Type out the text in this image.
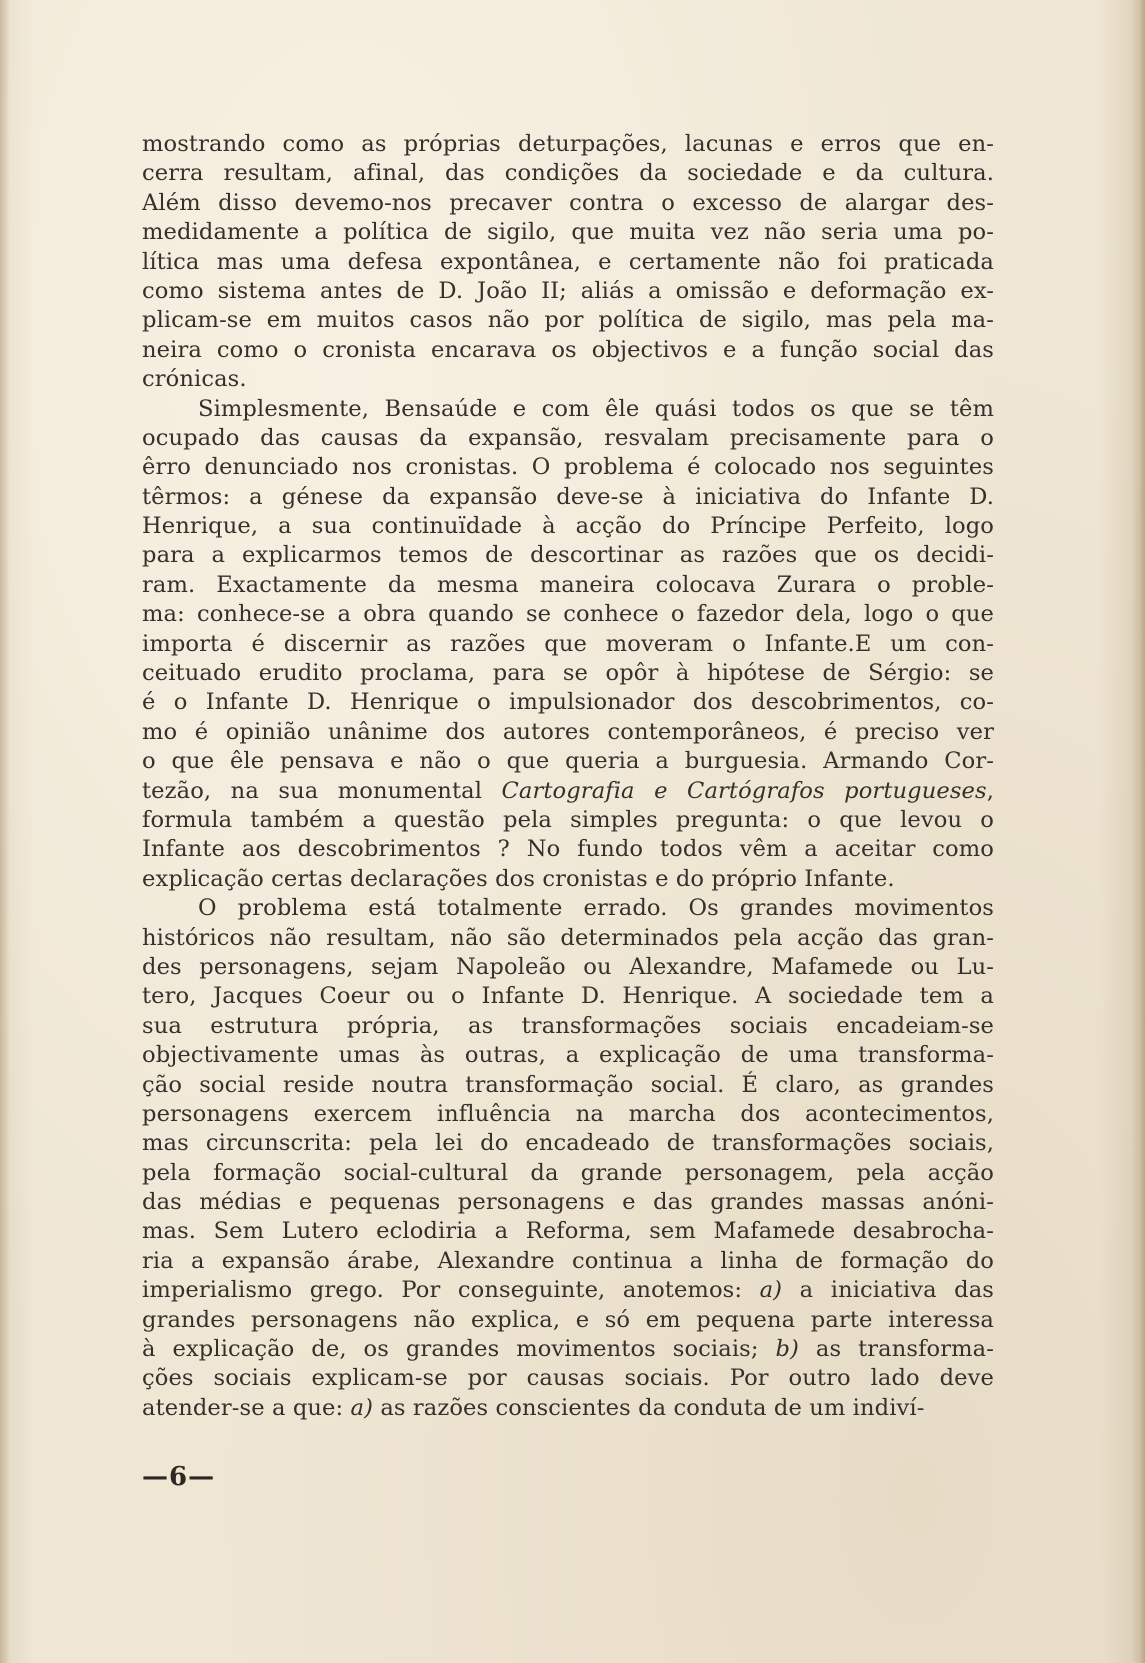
mostrando como as próprias deturpações, lacunas e erros que en-
cerra resultam, afinal, das condições da sociedade e da cultura.
Além disso devemo-nos precaver contra o excesso de alargar des-
medidamente a política de sigilo, que muita vez não seria uma po-
lítica mas uma defesa expontânea, e certamente não foi praticada
como sistema antes de D. João II; aliás a omissão e deformação ex-
plicam-se em muitos casos não por política de sigilo, mas pela ma-
neira como o cronista encarava os objectivos e a função social das
crónicas.
Simplesmente, Bensaúde e com êle quási todos os que se têm
ocupado das causas da expansão, resvalam precisamente para o
êrro denunciado nos cronistas. O problema é colocado nos seguintes
têrmos: a génese da expansão deve-se à iniciativa do Infante D.
Henrique, a sua continuïdade à acção do Príncipe Perfeito, logo
para a explicarmos temos de descortinar as razões que os decidi-
ram. Exactamente da mesma maneira colocava Zurara o proble-
ma: conhece-se a obra quando se conhece o fazedor dela, logo o que
importa é discernir as razões que moveram o Infante.E um con-
ceituado erudito proclama, para se opôr à hipótese de Sérgio: se
é o Infante D. Henrique o impulsionador dos descobrimentos, co-
mo é opinião unânime dos autores contemporâneos, é preciso ver
o que êle pensava e não o que queria a burguesia. Armando Cor-
tezão, na sua monumental Cartografia e Cartógrafos portugueses,
formula também a questão pela simples pregunta: o que levou o
Infante aos descobrimentos ? No fundo todos vêm a aceitar como
explicação certas declarações dos cronistas e do próprio Infante.
O problema está totalmente errado. Os grandes movimentos
históricos não resultam, não são determinados pela acção das gran-
des personagens, sejam Napoleão ou Alexandre, Mafamede ou Lu-
tero, Jacques Coeur ou o Infante D. Henrique. A sociedade tem a
sua estrutura própria, as transformações sociais encadeiam-se
objectivamente umas às outras, a explicação de uma transforma-
ção social reside noutra transformação social. É claro, as grandes
personagens exercem influência na marcha dos acontecimentos,
mas circunscrita: pela lei do encadeado de transformações sociais,
pela formação social-cultural da grande personagem, pela acção
das médias e pequenas personagens e das grandes massas anóni-
mas. Sem Lutero eclodiria a Reforma, sem Mafamede desabrocha-
ria a expansão árabe, Alexandre continua a linha de formação do
imperialismo grego. Por conseguinte, anotemos: a) a iniciativa das
grandes personagens não explica, e só em pequena parte interessa
à explicação de, os grandes movimentos sociais; b) as transforma-
ções sociais explicam-se por causas sociais. Por outro lado deve
atender-se a que: a) as razões conscientes da conduta de um indiví-
—6—
